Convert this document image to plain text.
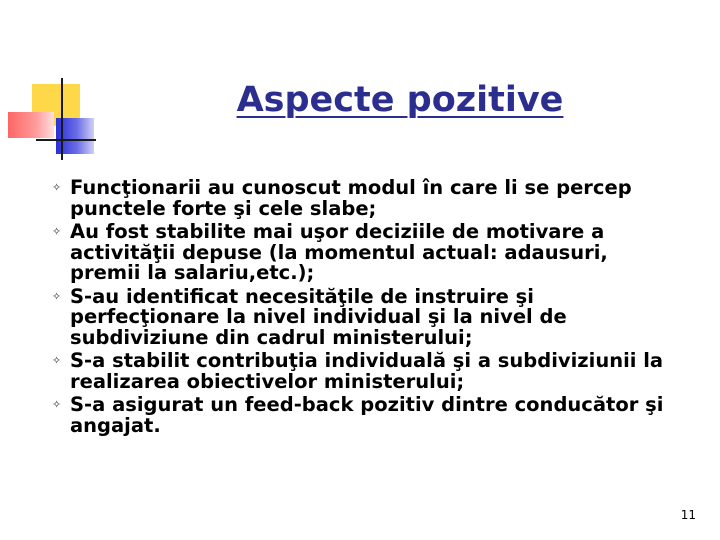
Aspecte pozitive
✧ Funcţionarii au cunoscut modul în care li se percep punctele forte şi cele slabe;
✧ Au fost stabilite mai uşor deciziile de motivare a activităţii depuse (la momentul actual: adausuri, premii la salariu,etc.);
✧ S-au identificat necesităţile de instruire şi perfecţionare la nivel individual şi la nivel de subdiviziune din cadrul ministerului;
✧ S-a stabilit contribuţia individuală şi a subdiviziunii la realizarea obiectivelor ministerului;
✧ S-a asigurat un feed-back pozitiv dintre conducător şi angajat.
11
